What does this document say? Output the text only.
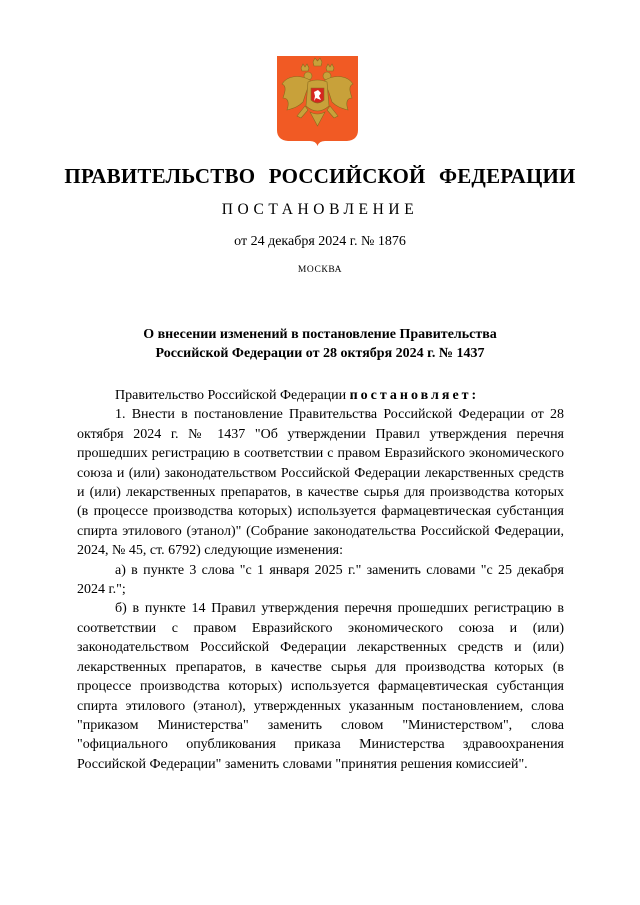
ПРАВИТЕЛЬСТВО РОССИЙСКОЙ ФЕДЕРАЦИИ
ПОСТАНОВЛЕНИЕ
от 24 декабря 2024 г. № 1876
МОСКВА
О внесении изменений в постановление Правительства
Российской Федерации от 28 октября 2024 г. № 1437

Правительство Российской Федерации постановляет:

1. Внести в постановление Правительства Российской Федерации от 28 октября 2024 г. № 1437 "Об утверждении Правил утверждения перечня прошедших регистрацию в соответствии с правом Евразийского экономического союза и (или) законодательством Российской Федерации лекарственных средств и (или) лекарственных препаратов, в качестве сырья для производства которых (в процессе производства которых) используется фармацевтическая субстанция спирта этилового (этанол)" (Собрание законодательства Российской Федерации, 2024, № 45, ст. 6792) следующие изменения:

а) в пункте 3 слова "с 1 января 2025 г." заменить словами "с 25 декабря 2024 г.";

б) в пункте 14 Правил утверждения перечня прошедших регистрацию в соответствии с правом Евразийского экономического союза и (или) законодательством Российской Федерации лекарственных средств и (или) лекарственных препаратов, в качестве сырья для производства которых (в процессе производства которых) используется фармацевтическая субстанция спирта этилового (этанол), утвержденных указанным постановлением, слова "приказом Министерства" заменить словом "Министерством", слова "официального опубликования приказа Министерства здравоохранения Российской Федерации" заменить словами "принятия решения комиссией".
